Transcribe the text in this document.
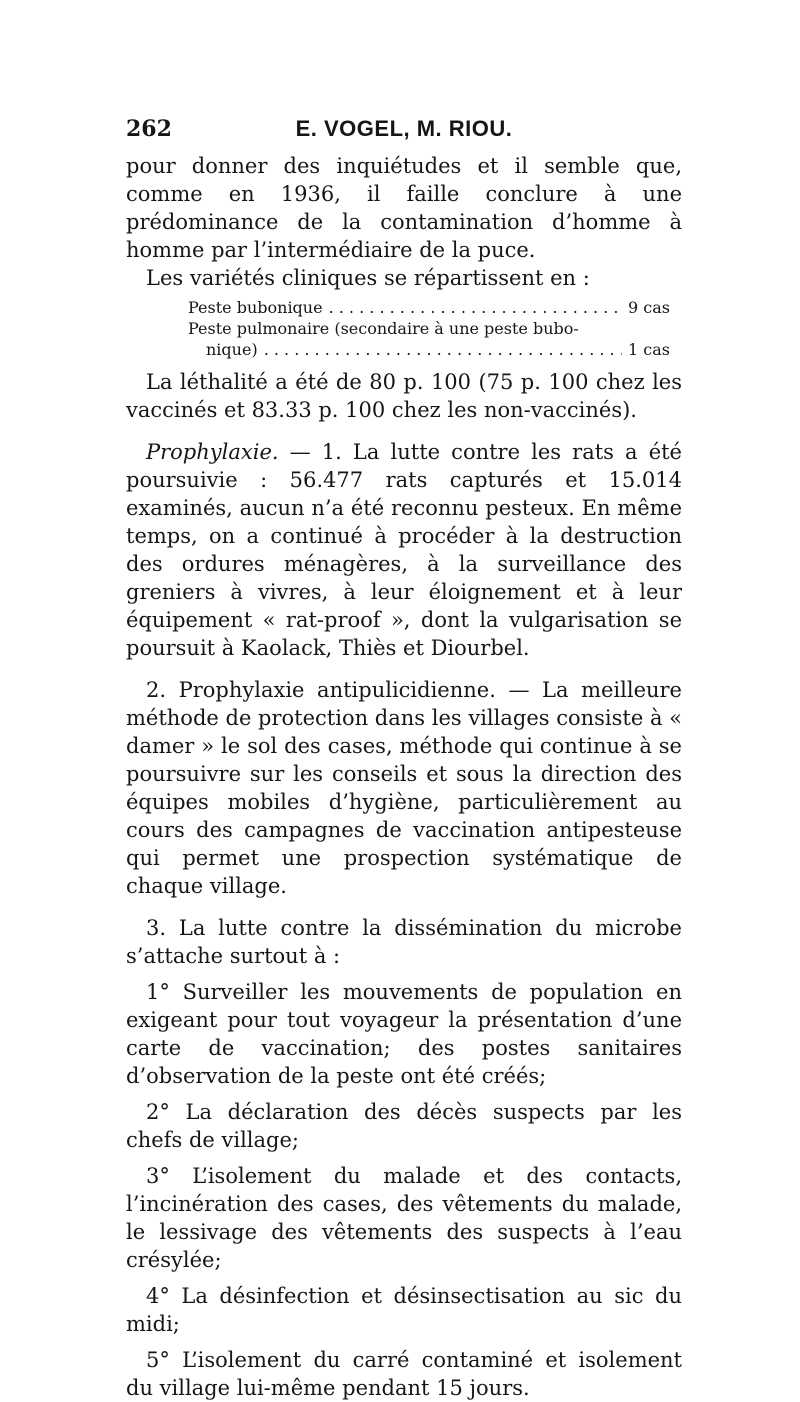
262	E. VOGEL, M. RIOU.

pour donner des inquiétudes et il semble que, comme en 1936, il faille conclure à une prédominance de la contamination d’homme à homme par l’intermédiaire de la puce.

Les variétés cliniques se répartissent en :

Peste bubonique . . .	9 cas
Peste pulmonaire (secondaire à une peste bubo-
nique) . . .	1 cas

La léthalité a été de 80 p. 100 (75 p. 100 chez les vaccinés et 83.33 p. 100 chez les non-vaccinés).

Prophylaxie. — 1. La lutte contre les rats a été poursuivie : 56.477 rats capturés et 15.014 examinés, aucun n’a été reconnu pesteux. En même temps, on a continué à procéder à la destruction des ordures ménagères, à la surveillance des greniers à vivres, à leur éloignement et à leur équipement « rat-proof », dont la vulgarisation se poursuit à Kaolack, Thiès et Diourbel.

2. Prophylaxie antipulicidienne. — La meilleure méthode de protection dans les villages consiste à « damer » le sol des cases, méthode qui continue à se poursuivre sur les conseils et sous la direction des équipes mobiles d’hygiène, particulièrement au cours des campagnes de vaccination antipesteuse qui permet une prospection systématique de chaque village.

3. La lutte contre la dissémination du microbe s’attache surtout à :

1° Surveiller les mouvements de population en exigeant pour tout voyageur la présentation d’une carte de vaccination; des postes sanitaires d’observation de la peste ont été créés;

2° La déclaration des décès suspects par les chefs de village;

3° L’isolement du malade et des contacts, l’incinération des cases, des vêtements du malade, le lessivage des vêtements des suspects à l’eau crésylée;

4° La désinfection et désinsectisation au sic du midi;

5° L’isolement du carré contaminé et isolement du village lui-même pendant 15 jours.
